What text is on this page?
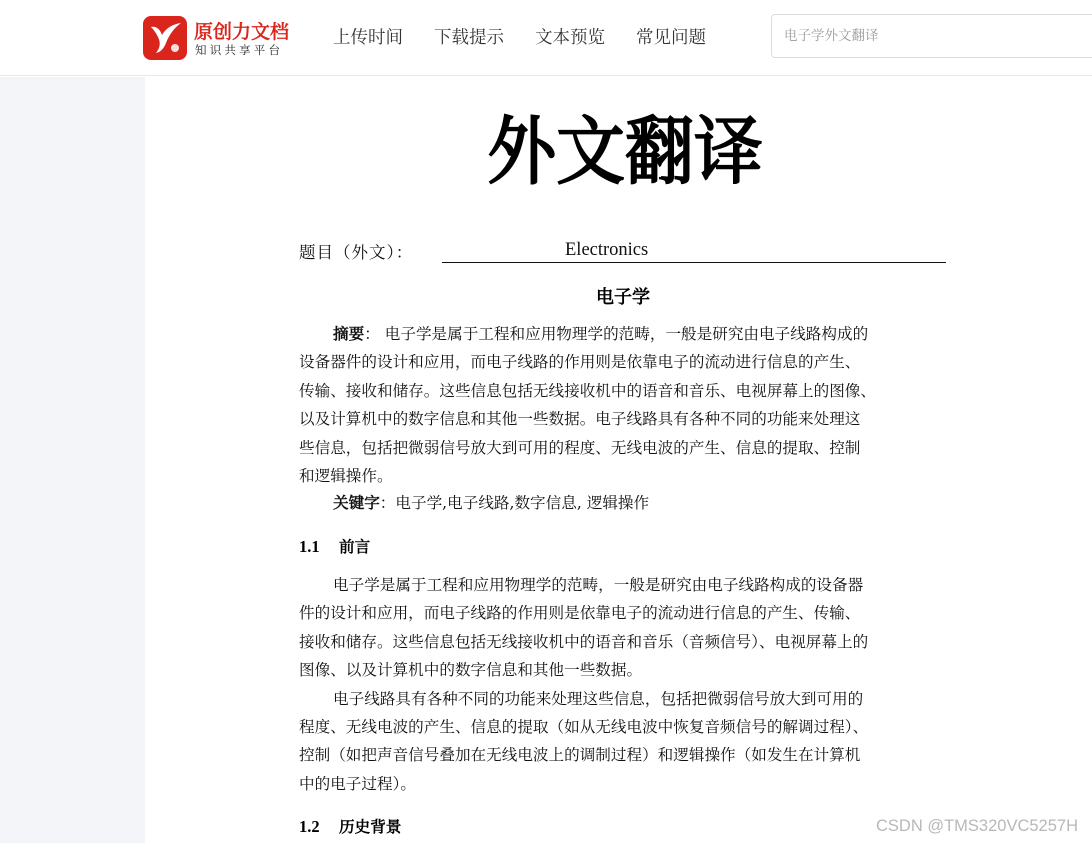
原创力文档
知识共享平台
上传时间 下载提示 文本预览 常见问题
电子学外文翻译
外文翻译
题目（外文）：	Electronics
电子学
摘要： 电子学是属于工程和应用物理学的范畴，一般是研究由电子线路构成的
设备器件的设计和应用，而电子线路的作用则是依靠电子的流动进行信息的产生、
传输、接收和储存。这些信息包括无线接收机中的语音和音乐、电视屏幕上的图像、
以及计算机中的数字信息和其他一些数据。电子线路具有各种不同的功能来处理这
些信息，包括把微弱信号放大到可用的程度、无线电波的产生、信息的提取、控制
和逻辑操作。
关键字：电子学,电子线路,数字信息, 逻辑操作
1.1 前言
电子学是属于工程和应用物理学的范畴，一般是研究由电子线路构成的设备器
件的设计和应用，而电子线路的作用则是依靠电子的流动进行信息的产生、传输、
接收和储存。这些信息包括无线接收机中的语音和音乐（音频信号）、电视屏幕上的
图像、以及计算机中的数字信息和其他一些数据。
电子线路具有各种不同的功能来处理这些信息，包括把微弱信号放大到可用的
程度、无线电波的产生、信息的提取（如从无线电波中恢复音频信号的解调过程）、
控制（如把声音信号叠加在无线电波上的调制过程）和逻辑操作（如发生在计算机
中的电子过程）。
1.2 历史背景	CSDN @TMS320VC5257H
